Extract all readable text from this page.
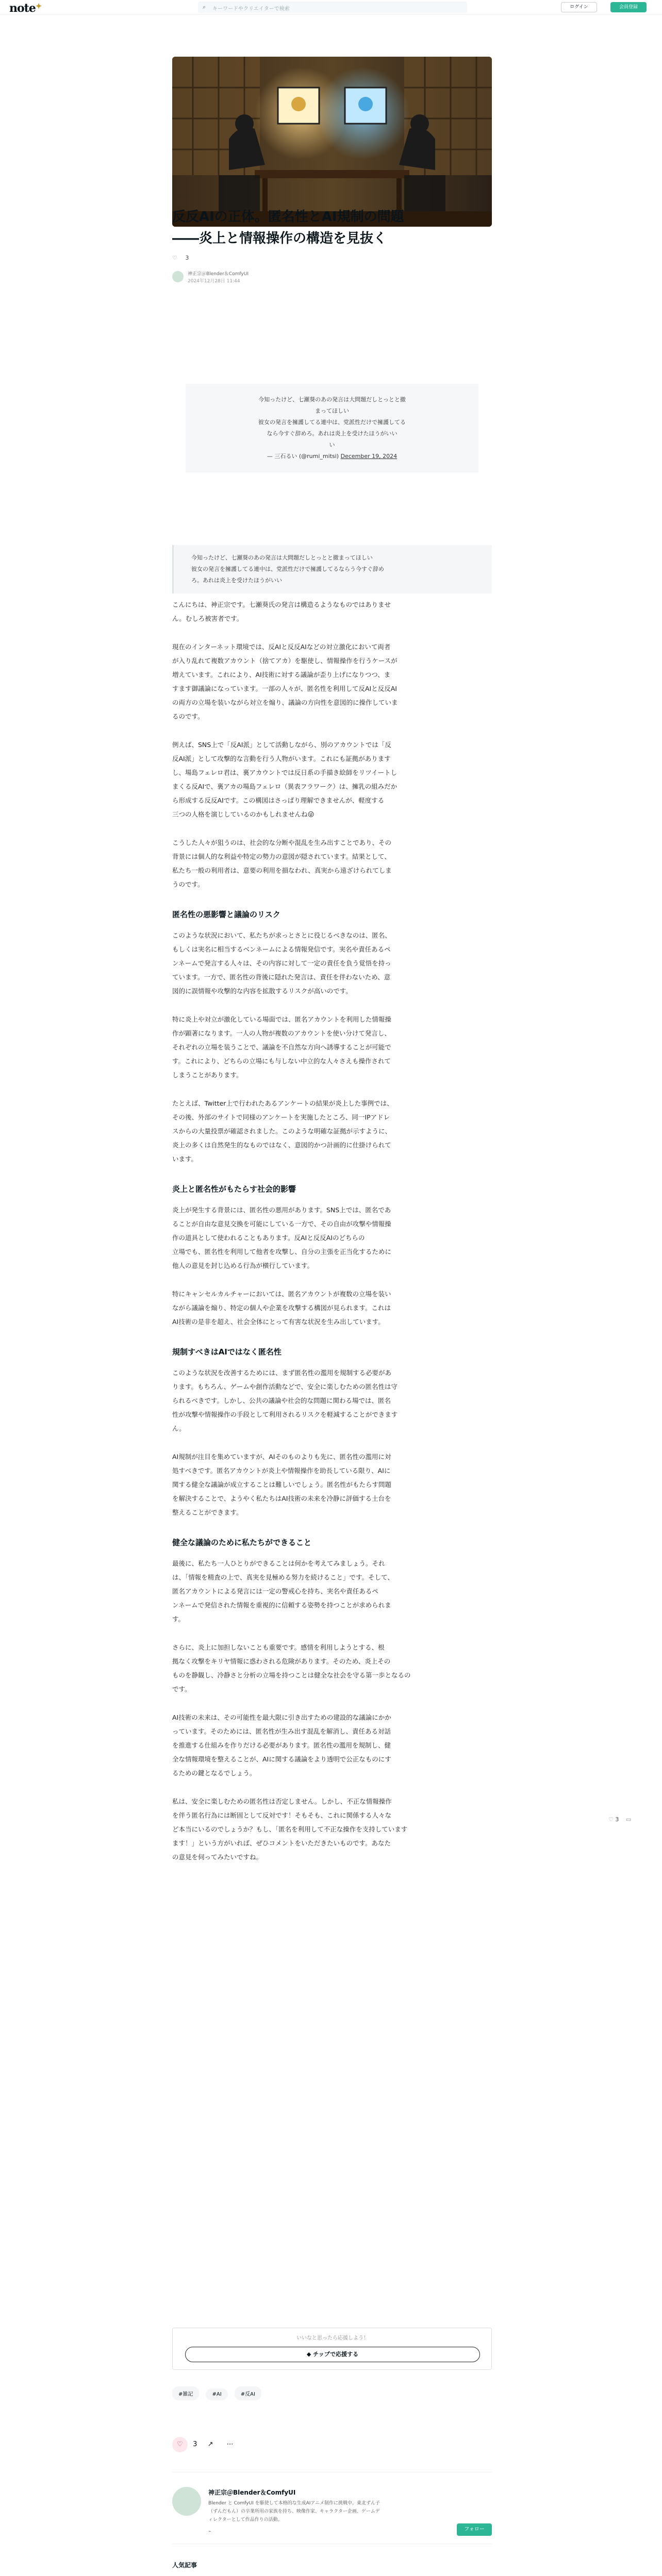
note✦	⌕ キーワードやクリエイターで検索	ログイン	会員登録
反反AIの正体。匿名性とAI規制の問題
――炎上と情報操作の構造を見抜く
♡ 3
神正宗＠Blender＆ComfyUI
2024年12月28日 11:44
今知ったけど、七瀬葵のあの発言は大問題だしとっとと撤
まってほしい
彼女の発言を擁護してる連中は、党派性だけで擁護してる
なら今すぐ辞めろ。あれは炎上を受けたほうがいい
い
— 三石るい (@rumi_mitsi) December 19, 2024
今知ったけど、七瀬葵のあの発言は大問題だしとっとと撤まってほしい
彼女の発言を擁護してる連中は、党派性だけで擁護してるならう今すぐ辞め
ろ。あれは炎上を受けたほうがいい
こんにちは、神正宗です。七瀬葵氏の発言は構造るようなものではありませ
ん。むしろ被害者です。
現在のインターネット環境では、反AIと反反AIなどの対立激化において両者
が入り乱れて複数アカウント（捨てアカ）を駆使し、情報操作を行うケースが
増えています。これにより、AI技術に対する議論が歪り上げになりつつ、ま
すます御議論になっています。一部の人々が、匿名性を利用して反AIと反反AI
の両方の立場を装いながら対立を煽り、議論の方向性を意図的に操作していま
るのです。
例えば、SNS上で「反AI派」として活動しながら、別のアカウントでは「反
反AI派」として攻撃的な言動を行う人物がいます。これにも証拠があります
し、場島フェレロ君は、裏アカウントでは反日系の手描き絵師をリツイートし
まくる反AIで、裏アカの場島フェレロ（異表フラワーク）は、擁乳の組みだか
ら形成する反反AIです。この構図はさっぱり理解できませんが、軽度する
三つの人格を演じしているのかもしれませんね😜
こうした人々が狙うのは、社会的な分断や混乱を生み出すことであり、その
背景には個人的な利益や特定の勢力の意図が隠されています。結果として、
私たち一般の利用者は、意要の利用を損なわれ、真実から遠ざけられてしま
うのです。
匿名性の悪影響と議論のリスク
このような状況において、私たちが求っとさとに役じるべきなのは、匿名、
もしくは実名に相当するベンネームによる情報発信です。実名や責任あるペ
ンネームで発言する人々は、その内容に対して一定の責任を負う覚悟を持っ
ています。一方で、匿名性の背後に隠れた発言は、責任を伴わないため、意
図的に誤情報や攻撃的な内容を拡散するリスクが高いのです。
特に炎上や対立が激化している場面では、匿名アカウントを利用した情報操
作が顕著になります。一人の人物が複数のアカウントを使い分けて発言し、
それぞれの立場を装うことで、議論を不自然な方向へ誘導することが可能で
す。これにより、どちらの立場にも与しない中立的な人々さえも操作されて
しまうことがあります。
たとえば、Twitter上で行われたあるアンケートの結果が炎上した事例では、
その後、外部のサイトで同様のアンケートを実施したところ、同一IPアドレ
スからの大量投票が確認されました。このような明確な証拠が示すように、
炎上の多くは自然発生的なものではなく、意図的かつ計画的に仕掛けられて
います。
炎上と匿名性がもたらす社会的影響
炎上が発生する背景には、匿名性の悪用があります。SNS上では、匿名であ
ることが自由な意見交換を可能にしている一方で、その自由が攻撃や情報操
作の道具として使われることもあります。反AIと反反AIのどちらの
立場でも、匿名性を利用して他者を攻撃し、自分の主張を正当化するために
他人の意見を封じ込める行為が横行しています。
特にキャンセルカルチャーにおいては、匿名アカウントが複数の立場を装い
ながら議論を煽り、特定の個人や企業を攻撃する構図が見られます。これは
AI技術の是非を超え、社会全体にとって有害な状況を生み出しています。
規制すべきはAIではなく匿名性
このような状況を改善するためには、まず匿名性の濫用を規制する必要があ
ります。もちろん、ゲームや創作活動などで、安全に楽しむための匿名性は守
られるべきです。しかし、公共の議論や社会的な問題に関わる場では、匿名
性が攻撃や情報操作の手段として利用されるリスクを軽減することができます
ん。
AI規制が注目を集めていますが、AIそのものよりも先に、匿名性の濫用に対
処すべきです。匿名アカウントが炎上や情報操作を助長している限り、AIに
関する健全な議論が成立することは難しいでしょう。匿名性がもたらす問題
を解決することで、ようやく私たちはAI技術の未来を冷静に評価する土台を
整えることができます。
健全な議論のために私たちができること
最後に、私たち一人ひとりができることは何かを考えてみましょう。それ
は、「情報を精査の上で、真実を見極める努力を続けること」です。そして、
匿名アカウントによる発言には一定の警戒心を持ち、実名や責任あるペ
ンネームで発信された情報を重視的に信頼する姿勢を持つことが求められま
す。
さらに、炎上に加担しないことも重要です。感情を利用しようとする、根
拠なく攻撃をキリヤ情報に惑わされる危険があります。そのため、炎上その
ものを静観し、冷静さと分析の立場を持つことは健全な社会を守る第一歩となるの
です。
AI技術の未来は、その可能性を最大限に引き出すための建設的な議論にかか
っています。そのためには、匿名性が生み出す混乱を解消し、責任ある対話
を推進する仕組みを作りだける必要があります。匿名性の濫用を規制し、健
全な情報環境を整えることが、AIに関する議論をより透明で公正なものにす
るための鍵となるでしょう。
私は、安全に楽しむための匿名性は否定しません。しかし、不正な情報操作
を伴う匿名行為には断固として反対です！そもそも、これに関係する人々な
ど本当にいるのでしょうか？もし、「匿名を利用して不正な操作を支持しています
ます！」という方がいれば、ぜひコメントをいただきたいものです。あなた
の意見を伺ってみたいですね。
♡ 3 ▭
いいなと思ったら応援しよう！
◆ チップで応援する
#雑記	#AI	#反AI
♡ 3 ↗ ⋯
神正宗＠Blender＆ComfyUI
Blender と ComfyUI を駆使して本格的な生成AIアニメ制作に挑戦中。東北ずん子
（ずんだもん）の卒業所用の家族を持ち、映像作家、キャラクター企画、ゲームデ
ィレクターとして作品作りの活動。
⌁	フォロー
人気記事
